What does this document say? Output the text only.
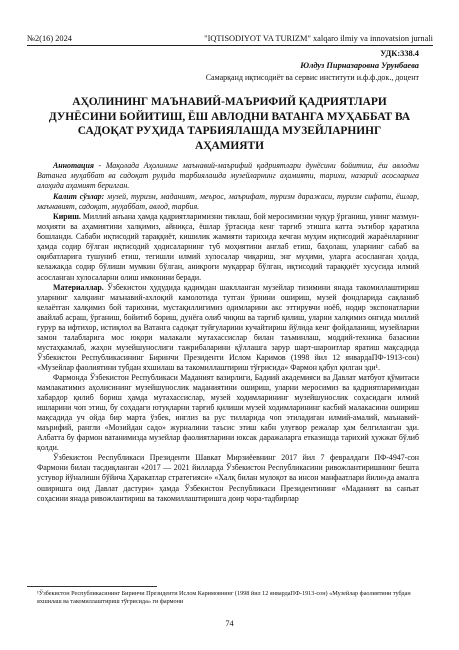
№2(16) 2024	"IQTISODIYOT VA TURIZM" xalqaro ilmiy va innovatsion jurnali
УДК:338.4
Юлдуз Пирназаровна Урунбаева
Самарқанд иқтисодиёт ва сервис институти и.ф.ф.док., доцент
АҲОЛИНИНГ МАЪНАВИЙ-МАЪРИФИЙ ҚАДРИЯТЛАРИ ДУНЁСИНИ БОЙИТИШ, ЁШ АВЛОДНИ ВАТАНГА МУҲАББАТ ВА САДОҚАТ РУҲИДА ТАРБИЯЛАШДА МУЗЕЙЛАРНИНГ АҲАМИЯТИ

Аннотация - Мақолада Аҳолининг маънавий-маърифий қадриятлари дунёсини бойитиш, ёш авлодни Ватанга муҳаббат ва садоқат руҳида тарбиялашда музейларнинг аҳамияти, тарихи, назарий асосларига алоҳида аҳамият берилган.

Калит сўзлар: музей, туризм, маданият, меърос, маърифат, туризм даражаси, туризм сифати, ёшлар, маънавият, садоқат, муҳаббат, авлод, тарбия.

Кириш. Миллий анъана ҳамда қадриятларимизни тиклаш, бой меросимизни чуқур ўрганиш, унинг мазмун-моҳияти ва аҳамиятини халқимиз, айниқса, ёшлар ўртасида кенг тарғиб этишга катта эътибор қаратила бошланди. Сабаби иқтисодий тараққиёт, кишилик жамияти тарихида кечган муҳим иқтисодий жараёнларнинг ҳамда содир бўлган иқтисодий ҳодисаларнинг туб моҳиятини англаб етиш, баҳолаш, уларнинг сабаб ва оқибатларига тушуниб етиш, тегишли илмий хулосалар чиқариш, энг муҳими, уларга асосланган ҳолда, келажакда содир бўлиши мумкин бўлган, аниқроғи муқаррар бўлган, иқтисодий тараққиёт хусусида илмий асосланган хулосаларни олиш имконини беради.

Материаллар. Ўзбекистон ҳудудида қадимдан шаклланган музейлар тизимини янада такомиллаштириш уларнинг халқнинг маънавий-ахлоқий камолотида тутган ўрнини ошириш, музей фондларида сақланиб келаётган халқимиз бой тарихини, мустақиллигимиз одимларини акс эттирувчи ноёб, нодир экспонатларни авайлаб асраш, ўрганиш, бойитиб бориш, дунёга олиб чиқиш ва тарғиб қилиш, уларни халқимиз онгида миллий ғурур ва ифтихор, истиқлол ва Ватанга садоқат туйғуларини кучайтириш йўлида кенг фойдаланиш, музейларни замон талабларига мос юқори малакали мутахассислар билан таъминлаш, моддий-техника базасини мустаҳкамлаб, жаҳон музейшунослиги тажрибаларини қўллашга зарур шарт-шароитлар яратиш мақсадида Ўзбекистон Республикасининг Биринчи Президенти Ислом Каримов (1998 йил 12 январдаПФ-1913-сон) «Музейлар фаолиятини тубдан яхшилаш ва такомиллаштириш тўғрисида» Фармон қабул қилган эди¹.

Фармонда Ўзбекистон Республикаси Маданият вазирлиги, Бадиий академияси ва Давлат матбуот қўмитаси мамлакатимиз аҳолисининг музейшунослик маданиятини ошириш, уларни меросимиз ва қадриятларимиздан хабардор қилиб бориш ҳамда мутахассислар, музей ходимларининг музейшунослик соҳасидаги илмий ишларини чоп этиш, бу соҳадаги ютуқларни тарғиб қилиши музей ходимларининг касбий малакасини ошириш мақсадида уч ойда бир марта ўзбек, инглиз ва рус тилларида чоп этиладиган илмий-амалий, маънавий-маърифий, рангли «Мозийдан садо» журналини таъсис этиш кабн улуғвор режалар ҳам белгиланган эди. Албатта бу фармон ватанимизда музейлар фаолиятларини юксак даражаларга етказишда тарихий ҳужжат бўлиб қолди.

Ўзбекистон Республикаси Президенти Шавкат Мирзиёевнинг 2017 йил 7 февралдаги ПФ-4947-сон Фармони билан тасдиқланган «2017 — 2021 йилларда Ўзбекистон Республикасини ривожлантиришнинг бешта устувор йўналиши бўйича Ҳаракатлар стратегияси» «Халқ билан мулоқот ва инсон манфаатлари йили»да амалга оширишга оид Давлат дастури» ҳамда Ўзбекистон Республикаси Президентининг «Маданият ва санъат соҳасини янада ривожлантириш ва такомиллаштиришга доир чора-тадбирлар

¹Ўзбекистон Республикасининг Биринчи Президенти Ислом Каримовнинг (1998 йил 12 январдаПФ-1913-сон) «Музейлар фаолиятини тубдан яхшилаш ва такомиллаштириш тўғрисида» ги фармони
74
